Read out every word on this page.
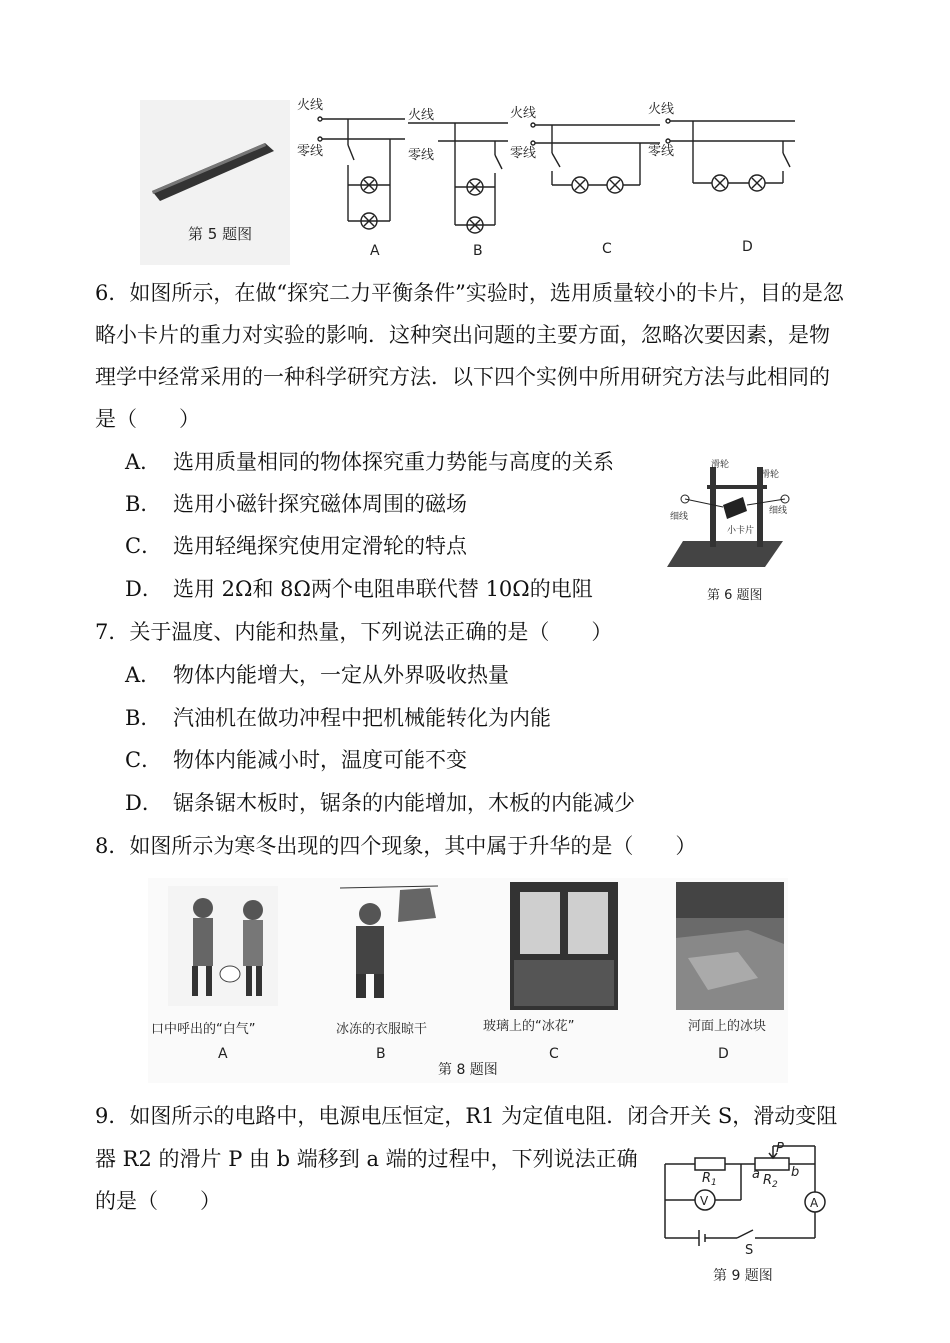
第 5 题图
火线
零线
A
火线
零线
B
火线
零线
C
火线
零线
D
6．如图所示，在做“探究二力平衡条件”实验时，选用质量较小的卡片，目的是忽
略小卡片的重力对实验的影响．这种突出问题的主要方面，忽略次要因素，是物
理学中经常采用的一种科学研究方法．以下四个实例中所用研究方法与此相同的
是（　　）
A． 选用质量相同的物体探究重力势能与高度的关系
B． 选用小磁针探究磁体周围的磁场
C． 选用轻绳探究使用定滑轮的特点
D． 选用 2Ω和 8Ω两个电阻串联代替 10Ω的电阻
滑轮
滑轮
细线
细线
小卡片
第 6 题图
7．关于温度、内能和热量，下列说法正确的是（　　）
A． 物体内能增大，一定从外界吸收热量
B． 汽油机在做功冲程中把机械能转化为内能
C． 物体内能减小时，温度可能不变
D． 锯条锯木板时，锯条的内能增加，木板的内能减少
8．如图所示为寒冬出现的四个现象，其中属于升华的是（　　）
口中呼出的“白气”
A
冰冻的衣服晾干
B
玻璃上的“冰花”
C
河面上的冰块
D
第 8 题图
9．如图所示的电路中，电源电压恒定，R1 为定值电阻．闭合开关 S，滑动变阻
器 R2 的滑片 P 由 b 端移到 a 端的过程中，下列说法正确
的是（　　）
P
$R_1$
a $R_2$
b
V	A
S
第 9 题图
